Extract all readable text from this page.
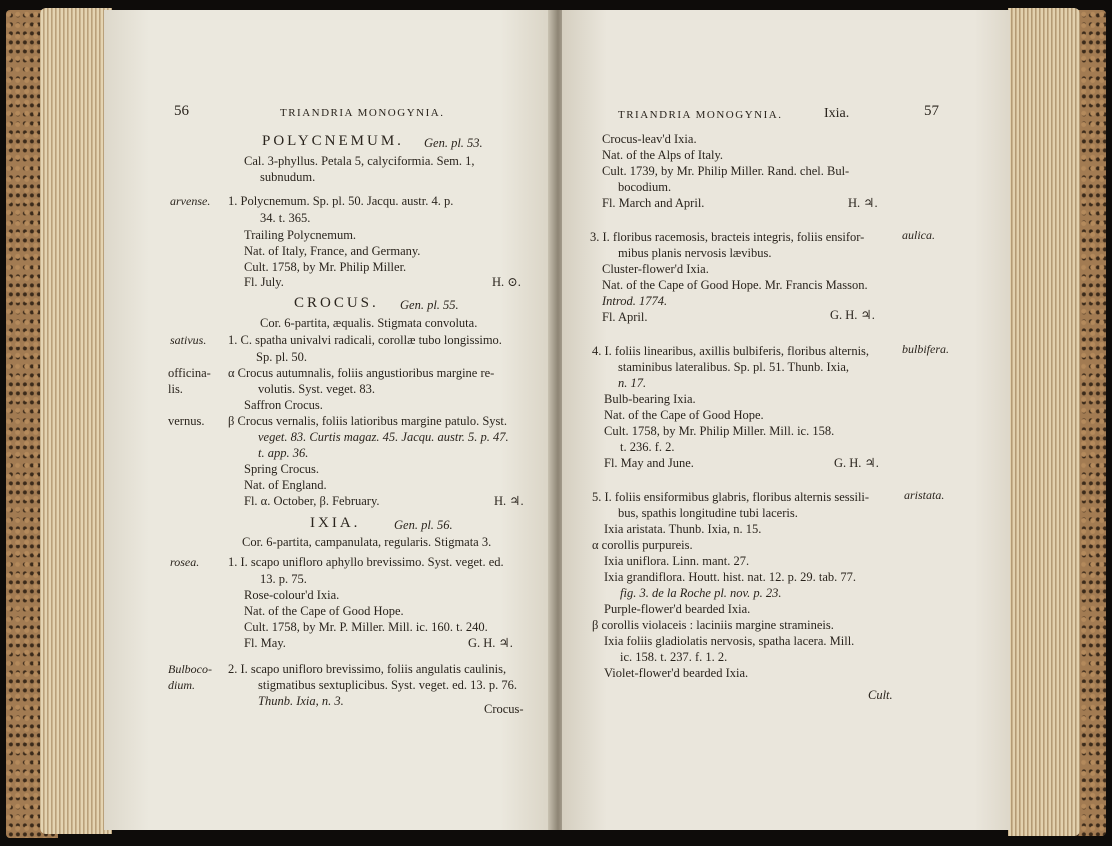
56	TRIANDRIA MONOGYNIA.
POLYCNEMUM. Gen. pl. 53.
Cal. 3-phyllus. Petala 5, calyciformia. Sem. 1,
subnudum.
arvense. 1. Polycnemum. Sp. pl. 50. Jacqu. austr. 4. p.
34. t. 365.
Trailing Polycnemum.
Nat. of Italy, France, and Germany.
Cult. 1758, by Mr. Philip Miller.
Fl. July.	H. ⊙.
CROCUS. Gen. pl. 55.
Cor. 6-partita, æqualis. Stigmata convoluta.
sativus. 1. C. spatha univalvi radicali, corollæ tubo longissimo.
Sp. pl. 50.
officina-
lis.
α Crocus autumnalis, foliis angustioribus margine re-
volutis. Syst. veget. 83.
Saffron Crocus.
vernus. β Crocus vernalis, foliis latioribus margine patulo. Syst.
veget. 83. Curtis magaz. 45. Jacqu. austr. 5. p. 47.
t. app. 36.
Spring Crocus.
Nat. of England.
Fl. α. October, β. February.	H. ♃.
IXIA.	Gen. pl. 56.
Cor. 6-partita, campanulata, regularis. Stigmata 3.
rosea. 1. I. scapo unifloro aphyllo brevissimo. Syst. veget. ed.
13. p. 75.
Rose-colour'd Ixia.
Nat. of the Cape of Good Hope.
Cult. 1758, by Mr. P. Miller. Mill. ic. 160. t. 240.
Fl. May.	G. H. ♃.
Bulboco-
dium.
2. I. scapo unifloro brevissimo, foliis angulatis caulinis,
stigmatibus sextuplicibus. Syst. veget. ed. 13. p. 76.
Thunb. Ixia, n. 3.
Crocus-
TRIANDRIA MONOGYNIA.	Ixia.	57
Crocus-leav'd Ixia.
Nat. of the Alps of Italy.
Cult. 1739, by Mr. Philip Miller. Rand. chel. Bul-
bocodium.
Fl. March and April.	H. ♃.
3. I. floribus racemosis, bracteis integris, foliis ensifor-	aulica.
mibus planis nervosis lævibus.
Cluster-flower'd Ixia.
Nat. of the Cape of Good Hope. Mr. Francis Masson.
Introd. 1774.
Fl. April.	G. H. ♃.
4. I. foliis linearibus, axillis bulbiferis, floribus alternis,	bulbifera.
staminibus lateralibus. Sp. pl. 51. Thunb. Ixia,
n. 17.
Bulb-bearing Ixia.
Nat. of the Cape of Good Hope.
Cult. 1758, by Mr. Philip Miller. Mill. ic. 158.
t. 236. f. 2.
Fl. May and June.	G. H. ♃.
5. I. foliis ensiformibus glabris, floribus alternis sessili-	aristata.
bus, spathis longitudine tubi laceris.
Ixia aristata. Thunb. Ixia, n. 15.
α corollis purpureis.
Ixia uniflora. Linn. mant. 27.
Ixia grandiflora. Houtt. hist. nat. 12. p. 29. tab. 77.
fig. 3. de la Roche pl. nov. p. 23.
Purple-flower'd bearded Ixia.
β corollis violaceis : laciniis margine stramineis.
Ixia foliis gladiolatis nervosis, spatha lacera. Mill.
ic. 158. t. 237. f. 1. 2.
Violet-flower'd bearded Ixia.
Cult.
